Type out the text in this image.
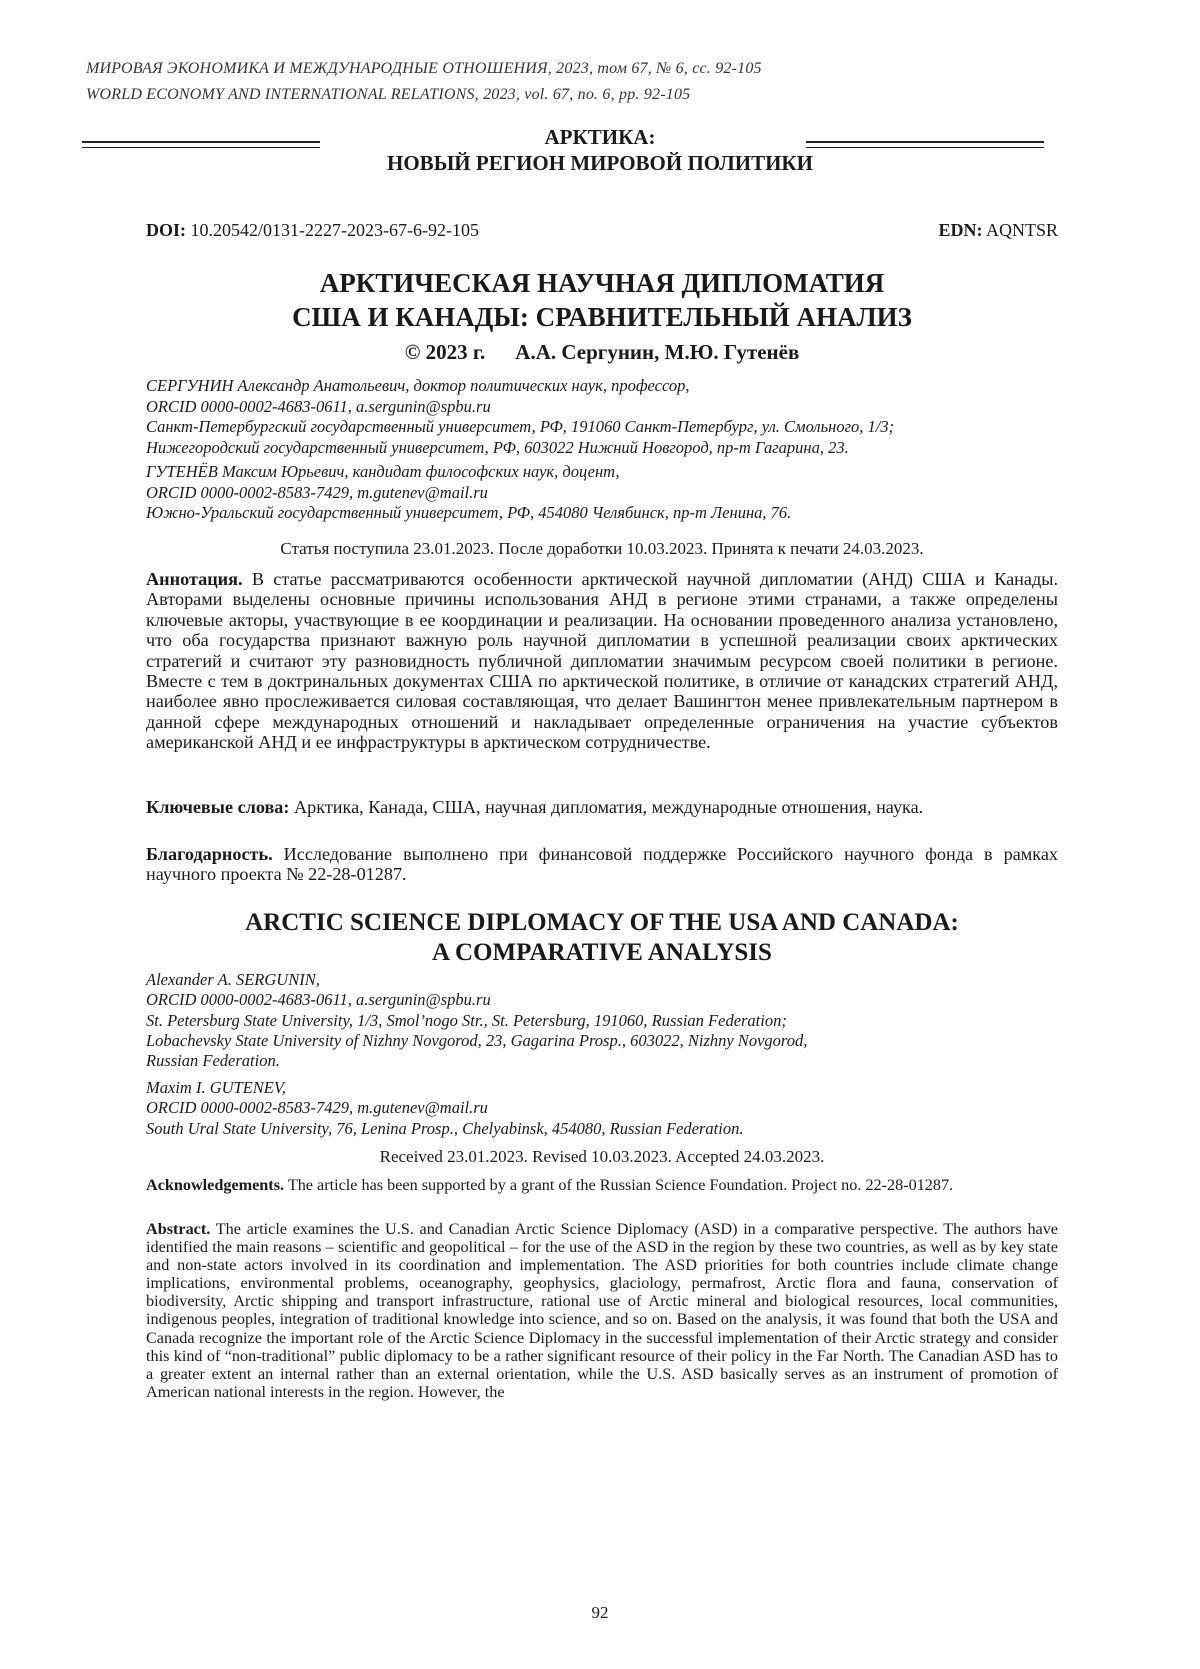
МИРОВАЯ ЭКОНОМИКА И МЕЖДУНАРОДНЫЕ ОТНОШЕНИЯ, 2023, том 67, № 6, сс. 92-105
WORLD ECONOMY AND INTERNATIONAL RELATIONS, 2023, vol. 67, no. 6, pp. 92-105
АРКТИКА:
НОВЫЙ РЕГИОН МИРОВОЙ ПОЛИТИКИ
DOI: 10.20542/0131-2227-2023-67-6-92-105	EDN: AQNTSR
АРКТИЧЕСКАЯ НАУЧНАЯ ДИПЛОМАТИЯ
США И КАНАДЫ: СРАВНИТЕЛЬНЫЙ АНАЛИЗ
© 2023 г. А.А. Сергунин, М.Ю. Гутенёв
СЕРГУНИН Александр Анатольевич, доктор политических наук, профессор,
ORCID 0000-0002-4683-0611, a.sergunin@spbu.ru
Санкт-Петербургский государственный университет, РФ, 191060 Санкт-Петербург, ул. Смольного, 1/3;
Нижегородский государственный университет, РФ, 603022 Нижний Новгород, пр-т Гагарина, 23.
ГУТЕНЁВ Максим Юрьевич, кандидат философских наук, доцент,
ORCID 0000-0002-8583-7429, m.gutenev@mail.ru
Южно-Уральский государственный университет, РФ, 454080 Челябинск, пр-т Ленина, 76.
Статья поступила 23.01.2023. После доработки 10.03.2023. Принята к печати 24.03.2023.
Аннотация. В статье рассматриваются особенности арктической научной дипломатии (АНД) США и Канады. Авторами выделены основные причины использования АНД в регионе этими странами, а также определены ключевые акторы, участвующие в ее координации и реализации. На основании проведенного анализа установлено, что оба государства признают важную роль научной дипломатии в успешной реализации своих арктических стратегий и считают эту разновидность публичной дипломатии значимым ресурсом своей политики в регионе. Вместе с тем в доктринальных документах США по арктической политике, в отличие от канадских стратегий АНД, наиболее явно прослеживается силовая составляющая, что делает Вашингтон менее привлекательным партнером в данной сфере международных отношений и накладывает определенные ограничения на участие субъектов американской АНД и ее инфраструктуры в арктическом сотрудничестве.
Ключевые слова: Арктика, Канада, США, научная дипломатия, международные отношения, наука.
Благодарность. Исследование выполнено при финансовой поддержке Российского научного фонда в рамках научного проекта № 22-28-01287.
ARCTIC SCIENCE DIPLOMACY OF THE USA AND CANADA:
A COMPARATIVE ANALYSIS
Alexander A. SERGUNIN,
ORCID 0000-0002-4683-0611, a.sergunin@spbu.ru
St. Petersburg State University, 1/3, Smol’nogo Str., St. Petersburg, 191060, Russian Federation;
Lobachevsky State University of Nizhny Novgorod, 23, Gagarina Prosp., 603022, Nizhny Novgorod,
Russian Federation.
Maxim I. GUTENEV,
ORCID 0000-0002-8583-7429, m.gutenev@mail.ru
South Ural State University, 76, Lenina Prosp., Chelyabinsk, 454080, Russian Federation.
Received 23.01.2023. Revised 10.03.2023. Accepted 24.03.2023.
Acknowledgements. The article has been supported by a grant of the Russian Science Foundation. Project no. 22-28-01287.
Abstract. The article examines the U.S. and Canadian Arctic Science Diplomacy (ASD) in a comparative perspective. The authors have identified the main reasons – scientific and geopolitical – for the use of the ASD in the region by these two countries, as well as by key state and non-state actors involved in its coordination and implementation. The ASD priorities for both countries include climate change implications, environmental problems, oceanography, geophysics, glaciology, permafrost, Arctic flora and fauna, conservation of biodiversity, Arctic shipping and transport infrastructure, rational use of Arctic mineral and biological resources, local communities, indigenous peoples, integration of traditional knowledge into science, and so on. Based on the analysis, it was found that both the USA and Canada recognize the important role of the Arctic Science Diplomacy in the successful implementation of their Arctic strategy and consider this kind of “non-traditional” public diplomacy to be a rather significant resource of their policy in the Far North. The Canadian ASD has to a greater extent an internal rather than an external orientation, while the U.S. ASD basically serves as an instrument of promotion of American national interests in the region. However, the
92
